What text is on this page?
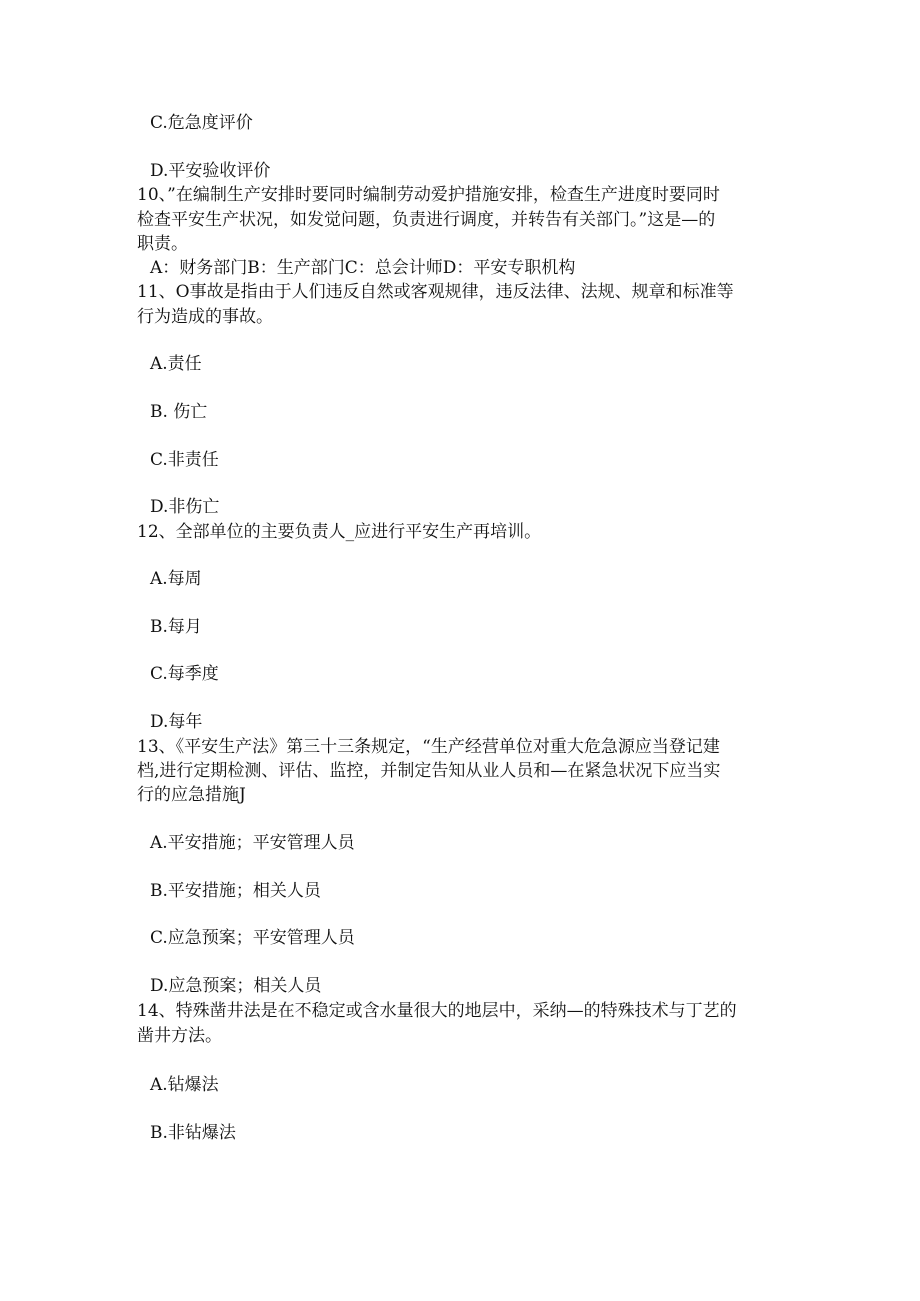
C.危急度评价
D.平安验收评价
10、”在编制生产安排时要同时编制劳动爱护措施安排，检查生产进度时要同时
检查平安生产状况，如发觉问题，负责进行调度，并转告有关部门。”这是—的
职责。
A：财务部门B：生产部门C：总会计师D：平安专职机构
11、O事故是指由于人们违反自然或客观规律，违反法律、法规、规章和标准等
行为造成的事故。
A.责任
B. 伤亡
C.非责任
D.非伤亡
12、全部单位的主要负责人_应进行平安生产再培训。
A.每周
B.每月
C.每季度
D.每年
13、《平安生产法》第三十三条规定，“生产经营单位对重大危急源应当登记建
档,进行定期检测、评估、监控，并制定告知从业人员和—在紧急状况下应当实
行的应急措施J
A.平安措施；平安管理人员
B.平安措施；相关人员
C.应急预案；平安管理人员
D.应急预案；相关人员
14、特殊凿井法是在不稳定或含水量很大的地层中，采纳—的特殊技术与丁艺的
凿井方法。
A.钻爆法
B.非钻爆法
